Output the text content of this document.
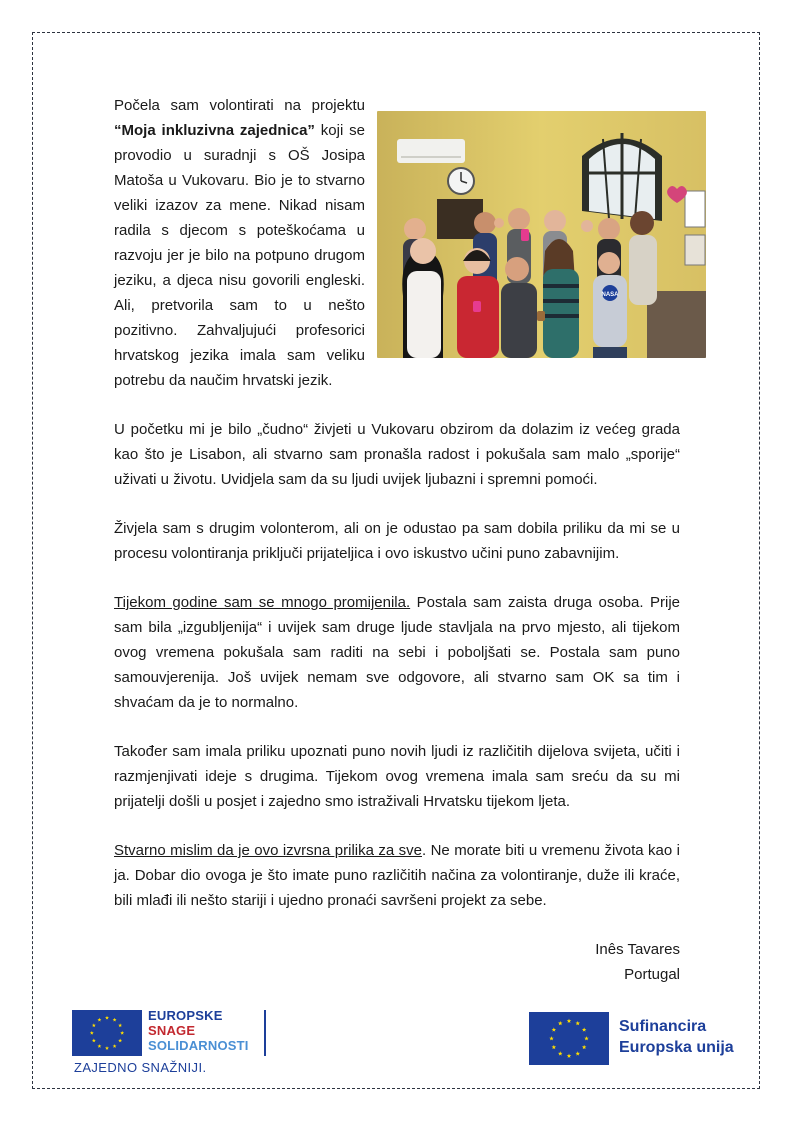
NASA

Počela sam volontirati na projektu “Moja inkluzivna zajednica” koji se provodio u suradnji s OŠ Josipa Matoša u Vukovaru. Bio je to stvarno veliki izazov za mene. Nikad nisam radila s djecom s poteškoćama u razvoju jer je bilo na potpuno drugom jeziku, a djeca nisu govorili engleski. Ali, pretvorila sam to u nešto pozitivno. Zahvaljujući profesorici hrvatskog jezika imala sam veliku potrebu da naučim hrvatski jezik.

U početku mi je bilo „čudno“ živjeti u Vukovaru obzirom da dolazim iz većeg grada kao što je Lisabon, ali stvarno sam pronašla radost i pokušala sam malo „sporije“ uživati u životu. Uvidjela sam da su ljudi uvijek ljubazni i spremni pomoći.

Živjela sam s drugim volonterom, ali on je odustao pa sam dobila priliku da mi se u procesu volontiranja priključi prijateljica i ovo iskustvo učini puno zabavnijim.

Tijekom godine sam se mnogo promijenila. Postala sam zaista druga osoba. Prije sam bila „izgubljenija“ i uvijek sam druge ljude stavljala na prvo mjesto, ali tijekom ovog vremena pokušala sam raditi na sebi i poboljšati se. Postala sam puno samouvjerenija. Još uvijek nemam sve odgovore, ali stvarno sam OK sa tim i shvaćam da je to normalno.

Također sam imala priliku upoznati puno novih ljudi iz različitih dijelova svijeta, učiti i razmjenjivati ideje s drugima. Tijekom ovog vremena imala sam sreću da su mi prijatelji došli u posjet i zajedno smo istraživali Hrvatsku tijekom ljeta.

Stvarno mislim da je ovo izvrsna prilika za sve. Ne morate biti u vremenu života kao i ja. Dobar dio ovoga je što imate puno različitih načina za volontiranje, duže ili kraće, bili mlađi ili nešto stariji i ujedno pronaći savršeni projekt za sebe.

Inês Tavares
Portugal
EUROPSKE
SNAGE
SOLIDARNOSTI
ZAJEDNO SNAŽNIJI.
Sufinancira
Europska unija
